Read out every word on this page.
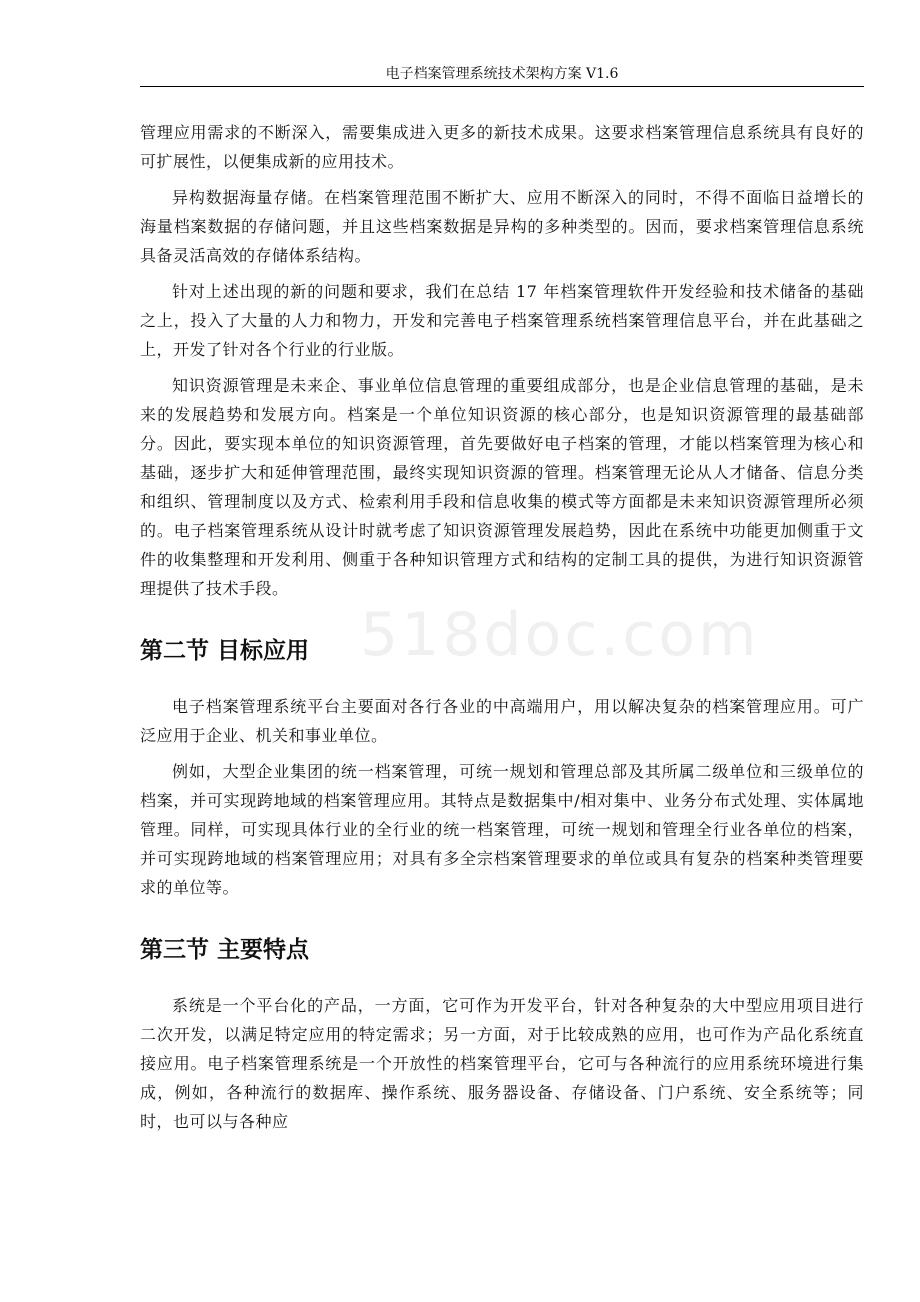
电子档案管理系统技术架构方案 V1.6
518doc.com

管理应用需求的不断深入，需要集成进入更多的新技术成果。这要求档案管理信息系统具有良好的可扩展性，以便集成新的应用技术。

异构数据海量存储。在档案管理范围不断扩大、应用不断深入的同时，不得不面临日益增长的海量档案数据的存储问题，并且这些档案数据是异构的多种类型的。因而，要求档案管理信息系统具备灵活高效的存储体系结构。

针对上述出现的新的问题和要求，我们在总结 17 年档案管理软件开发经验和技术储备的基础之上，投入了大量的人力和物力，开发和完善电子档案管理系统档案管理信息平台，并在此基础之上，开发了针对各个行业的行业版。

知识资源管理是未来企、事业单位信息管理的重要组成部分，也是企业信息管理的基础，是未来的发展趋势和发展方向。档案是一个单位知识资源的核心部分，也是知识资源管理的最基础部分。因此，要实现本单位的知识资源管理，首先要做好电子档案的管理，才能以档案管理为核心和基础，逐步扩大和延伸管理范围，最终实现知识资源的管理。档案管理无论从人才储备、信息分类和组织、管理制度以及方式、检索利用手段和信息收集的模式等方面都是未来知识资源管理所必须的。电子档案管理系统从设计时就考虑了知识资源管理发展趋势，因此在系统中功能更加侧重于文件的收集整理和开发利用、侧重于各种知识管理方式和结构的定制工具的提供，为进行知识资源管理提供了技术手段。

第二节 目标应用

电子档案管理系统平台主要面对各行各业的中高端用户，用以解决复杂的档案管理应用。可广泛应用于企业、机关和事业单位。

例如，大型企业集团的统一档案管理，可统一规划和管理总部及其所属二级单位和三级单位的档案，并可实现跨地域的档案管理应用。其特点是数据集中/相对集中、业务分布式处理、实体属地管理。同样，可实现具体行业的全行业的统一档案管理，可统一规划和管理全行业各单位的档案，并可实现跨地域的档案管理应用；对具有多全宗档案管理要求的单位或具有复杂的档案种类管理要求的单位等。

第三节 主要特点

系统是一个平台化的产品，一方面，它可作为开发平台，针对各种复杂的大中型应用项目进行二次开发，以满足特定应用的特定需求；另一方面，对于比较成熟的应用，也可作为产品化系统直接应用。电子档案管理系统是一个开放性的档案管理平台，它可与各种流行的应用系统环境进行集成，例如，各种流行的数据库、操作系统、服务器设备、存储设备、门户系统、安全系统等；同时，也可以与各种应
